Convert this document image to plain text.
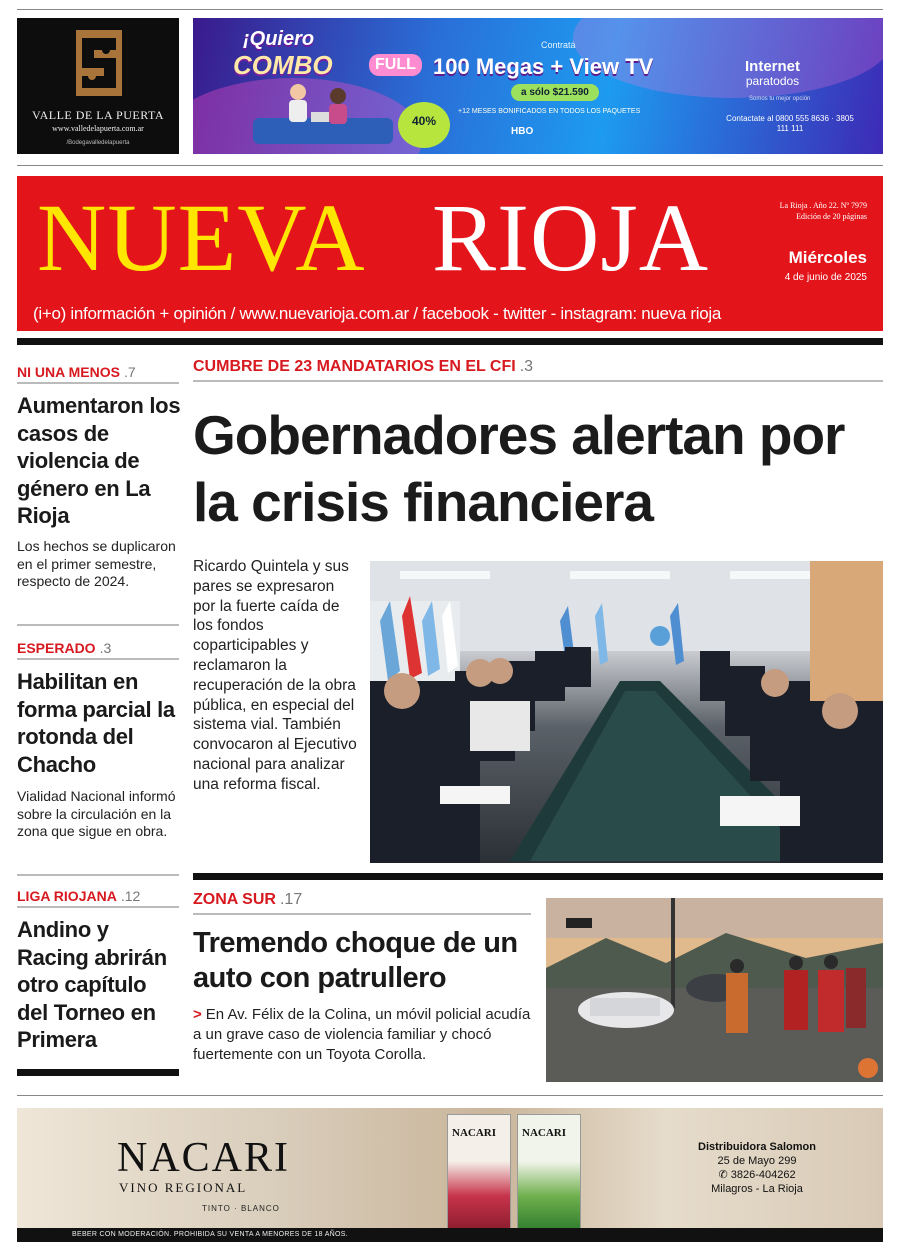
VALLE DE LA PUERTA
www.valledelapuerta.com.ar
/Bodegavalledelapuerta
¡Quiero
COMBO	FULL
Contratá
100 Megas + View TV
a sólo $21.590
+12 MESES BONIFICADOS EN TODOS LOS PAQUETES
HBO
40%
Internet
paratodos
Somos tu mejor opción
Contactate al 0800 555 8636 · 3805 111 111
NUEVA RIOJA	La Rioja . Año 22. Nº 7979
Edición de 20 páginas
Miércoles
4 de junio de 2025
(i+o) información + opinión / www.nuevarioja.com.ar / facebook - twitter - instagram: nueva rioja
NI UNA MENOS .7
Aumentaron los casos de violencia de género en La Rioja
Los hechos se duplicaron en el primer semestre, respecto de 2024.
ESPERADO .3
Habilitan en forma parcial la rotonda del Chacho
Vialidad Nacional informó sobre la circulación en la zona que sigue en obra.
LIGA RIOJANA .12
Andino y Racing abrirán otro capítulo del Torneo en Primera
CUMBRE DE 23 MANDATARIOS EN EL CFI .3
Gobernadores alertan por la crisis financiera
Ricardo Quintela y sus pares se expresaron por la fuerte caída de los fondos coparticipables y reclamaron la recuperación de la obra pública, en especial del sistema vial. También convocaron al Ejecutivo nacional para analizar una reforma fiscal.
ZONA SUR .17
Tremendo choque de un auto con patrullero
> En Av. Félix de la Colina, un móvil policial acudía a un grave caso de violencia familiar y chocó fuertemente con un Toyota Corolla.
NACARI
VINO REGIONAL
TINTO · BLANCO
NACARI NACARI
Distribuidora Salomon
25 de Mayo 299
✆ 3826-404262
Milagros - La Rioja
BEBER CON MODERACIÓN. PROHIBIDA SU VENTA A MENORES DE 18 AÑOS.
